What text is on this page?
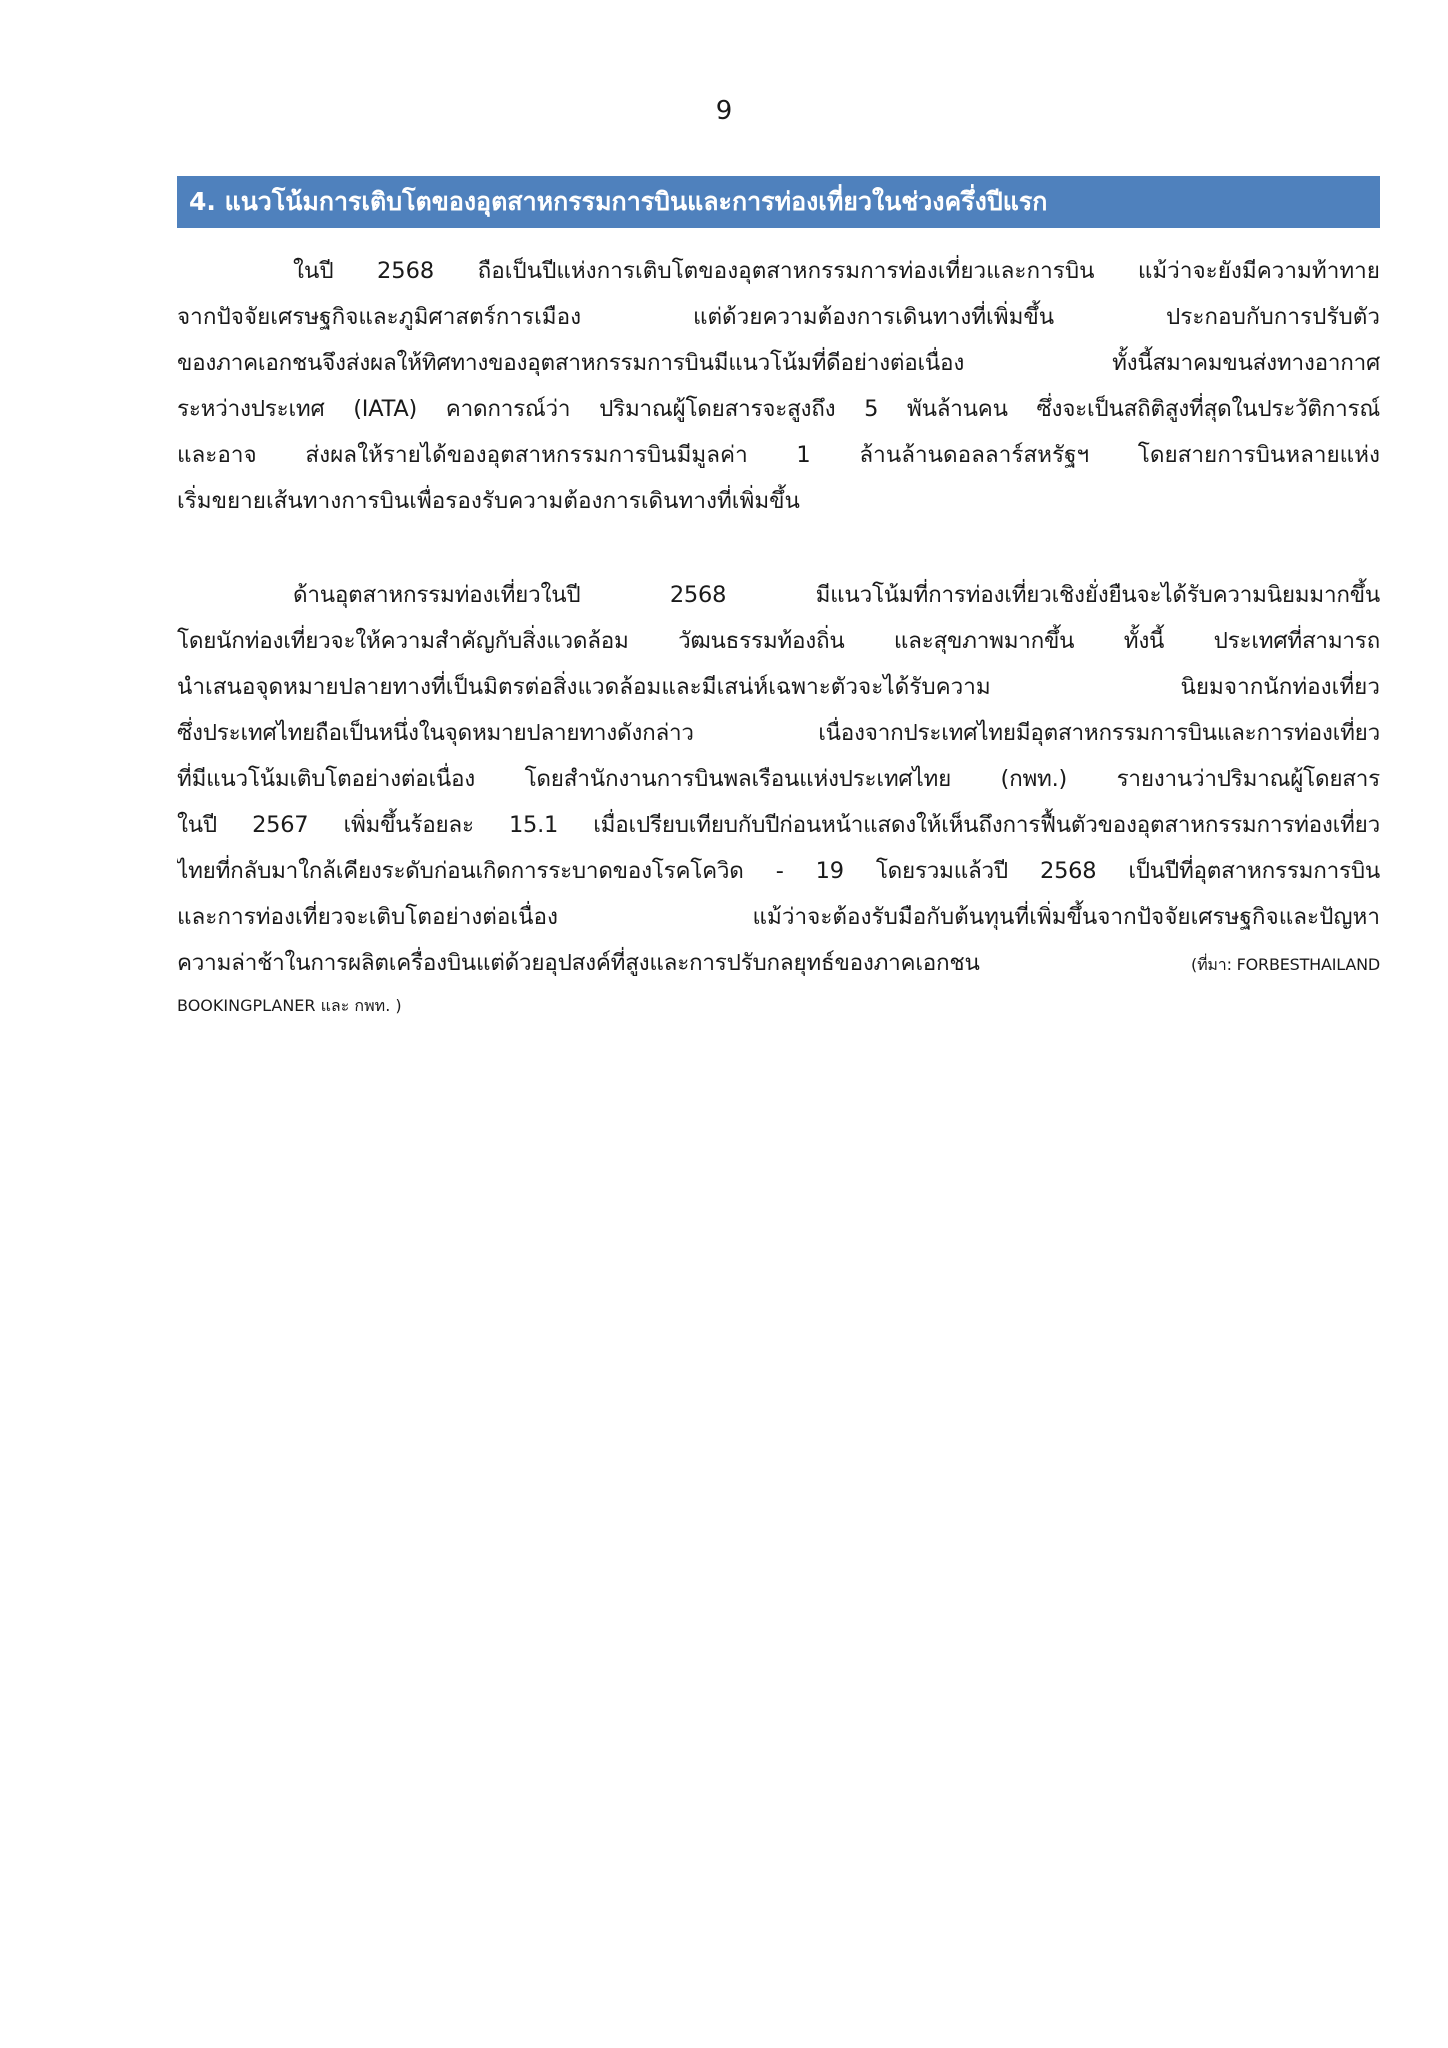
9
4. แนวโน้มการเติบโตของอุตสาหกรรมการบินและการท่องเที่ยวในช่วงครึ่งปีแรก
ในปี 2568 ถือเป็นปีแห่งการเติบโตของอุตสาหกรรมการท่องเที่ยวและการบิน แม้ว่าจะยังมีความท้าทาย
จากปัจจัยเศรษฐกิจและภูมิศาสตร์การเมือง แต่ด้วยความต้องการเดินทางที่เพิ่มขึ้น ประกอบกับการปรับตัว
ของภาคเอกชนจึงส่งผลให้ทิศทางของอุตสาหกรรมการบินมีแนวโน้มที่ดีอย่างต่อเนื่อง ทั้งนี้สมาคมขนส่งทางอากาศ
ระหว่างประเทศ (IATA) คาดการณ์ว่า ปริมาณผู้โดยสารจะสูงถึง 5 พันล้านคน ซึ่งจะเป็นสถิติสูงที่สุดในประวัติการณ์
และอาจ ส่งผลให้รายได้ของอุตสาหกรรมการบินมีมูลค่า 1 ล้านล้านดอลลาร์สหรัฐฯ โดยสายการบินหลายแห่ง
เริ่มขยายเส้นทางการบินเพื่อรองรับความต้องการเดินทางที่เพิ่มขึ้น
ด้านอุตสาหกรรมท่องเที่ยวในปี 2568 มีแนวโน้มที่การท่องเที่ยวเชิงยั่งยืนจะได้รับความนิยมมากขึ้น
โดยนักท่องเที่ยวจะให้ความสำคัญกับสิ่งแวดล้อม วัฒนธรรมท้องถิ่น และสุขภาพมากขึ้น ทั้งนี้ ประเทศที่สามารถ
นำเสนอจุดหมายปลายทางที่เป็นมิตรต่อสิ่งแวดล้อมและมีเสน่ห์เฉพาะตัวจะได้รับความ นิยมจากนักท่องเที่ยว
ซึ่งประเทศไทยถือเป็นหนึ่งในจุดหมายปลายทางดังกล่าว เนื่องจากประเทศไทยมีอุตสาหกรรมการบินและการท่องเที่ยว
ที่มีแนวโน้มเติบโตอย่างต่อเนื่อง โดยสำนักงานการบินพลเรือนแห่งประเทศไทย (กพท.) รายงานว่าปริมาณผู้โดยสาร
ในปี 2567 เพิ่มขึ้นร้อยละ 15.1 เมื่อเปรียบเทียบกับปีก่อนหน้าแสดงให้เห็นถึงการฟื้นตัวของอุตสาหกรรมการท่องเที่ยว
ไทยที่กลับมาใกล้เคียงระดับก่อนเกิดการระบาดของโรคโควิด - 19 โดยรวมแล้วปี 2568 เป็นปีที่อุตสาหกรรมการบิน
และการท่องเที่ยวจะเติบโตอย่างต่อเนื่อง แม้ว่าจะต้องรับมือกับต้นทุนที่เพิ่มขึ้นจากปัจจัยเศรษฐกิจและปัญหา
ความล่าช้าในการผลิตเครื่องบินแต่ด้วยอุปสงค์ที่สูงและการปรับกลยุทธ์ของภาคเอกชน	(ที่มา: FORBESTHAILAND
BOOKINGPLANER และ กพท. )
